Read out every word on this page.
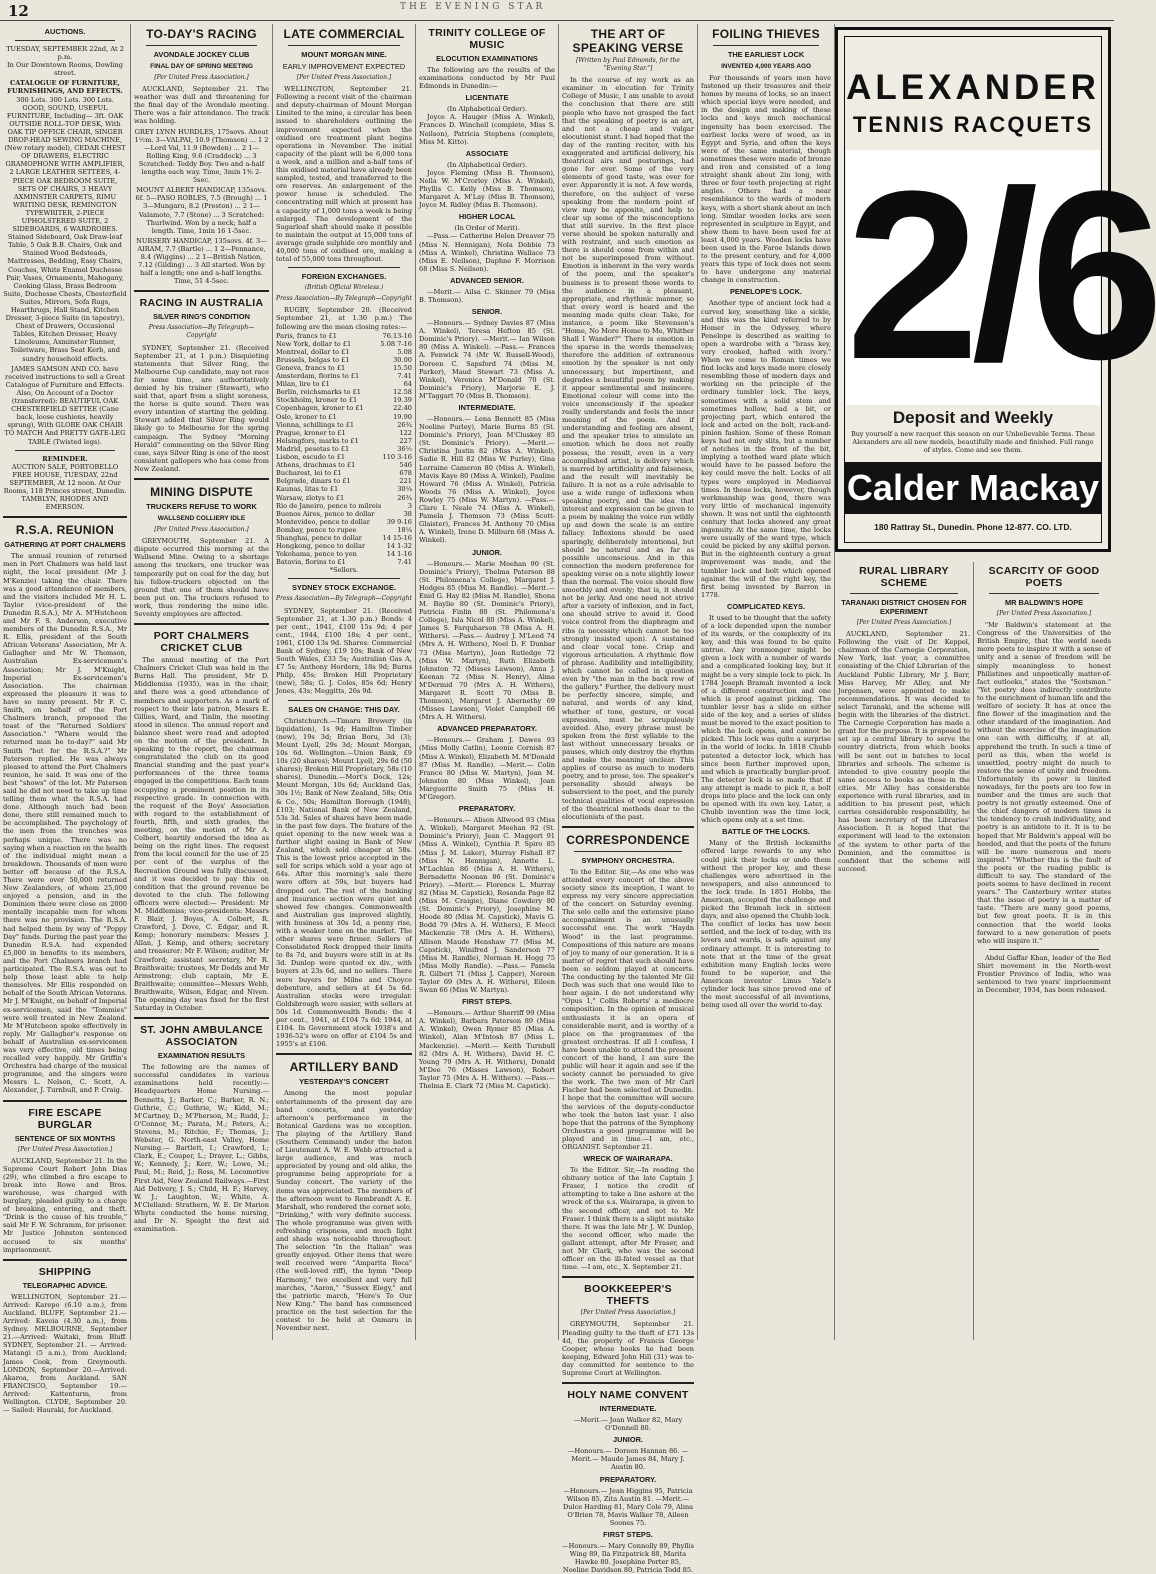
12	THE EVENING STAR
AUCTIONS.
TUESDAY, SEPTEMBER 22nd, At 2 p.m.
In Our Downtown Rooms, Dowling street.
CATALOGUE OF FURNITURE, FURNISHINGS, AND EFFECTS.
300 Lots. 300 Lots. 300 Lots.
GOOD, SOUND, USEFUL FURNITURE, Including— 3ft. OAK OUTSIDE ROLL-TOP DESK, With OAK TIP OFFICE CHAIR, SINGER DROP-HEAD SEWING MACHINE, (New rotary model), CEDAR CHEST OF DRAWERS, ELECTRIC GRAMOPHONE WITH AMPLIFIER, 2 LARGE LEATHER SETTEES, 4-PIECE OAK BEDROOM SUITE, SETS OF CHAIRS, 3 HEAVY AXMINSTER CARPETS, RIMU WRITING DESK, REMINGTON TYPEWRITER, 2-PIECE UPHOLSTERED SUITE, 2 SIDEBOARDS, 6 WARDROBES. Stained Sideboard, Oak Draw-leaf Table, 5 Oak B.B. Chairs, Oak and Stained Wood Bedsteads, Mattresses, Bedding, Easy Chairs, Couches, White Enamel Duchesse Pair, Vases, Ornaments, Mahogany, Cooking Glass, Brass Bedroom Suite, Duchesse Chests, Chesterfield Suites, Mirrors, Sofa Rugs, Hearthrugs, Hall Stand, Kitchen Dresser, 3-piece Suite (in tapestry), Chest of Drawers, Occasional Tables, Kitchen Dresser, Heavy Linoleums, Axminster Runner, Toiletware, Brass Seat Kerb, and sundry household effects.
JAMES SAMSON AND CO. have received instructions to sell a Great Catalogue of Furniture and Effects. Also, On Account of a Doctor (transferred): BEAUTIFUL OAK CHESTERFIELD SETTEE (Cane back, loose cushions, heavily sprung), With GLOBE OAK CHAIR TO MATCH And PRETTY GATE-LEG TABLE (Twisted legs).
REMINDER.
AUCTION SALE, PORTOBELLO FREE HOUSE, TUESDAY, 22nd SEPTEMBER, At 12 noon. At Our Rooms, 118 Princes street, Dunedin. TAMBLYN, RHODES AND EMERSON.
R.S.A. REUNION
GATHERING AT PORT CHALMERS
The annual reunion of returned men in Port Chalmers was held last night, the local president (Mr J. M'Kenzie) taking the chair. There was a good attendance of members, and the visitors included Mr H. L. Taylor (vice-president of the Dunedin R.S.A.), Mr A. M'Hutcheon and Mr F. S. Anderson, executive members of the Dunedin R.S.A., Mr R. Ellis, president of the South African Veterans' Association, Mr A. Gallagher and Mr W. Thomson, Australian Ex-servicemen's Association; Mr J. M'Knight, Imperial Ex-servicemen's Association. The chairman expressed the pleasure it was to have so many present. Mr F. C. Smith, on behalf of the Port Chalmers branch, proposed the toast of the "Returned Soldiers' Association." "Where would the returned man be to-day?" said Mr Smith "but for the R.S.A.?" Mr Paterson replied. He was always pleased to attend the Port Chalmers reunion, he said. It was one of the best "shows" of the lot. Mr Paterson said he did not need to take up time telling them what the R.S.A. had done. Although much had been done, there still remained much to be accomplished. The psychology of the men from the trenches was perhaps unique. There was no saying when a reaction on the health of the individual might mean a breakdown. Thousands of men were better off because of the R.S.A. There were over 50,000 returned New Zealanders, of whom 25,000 enjoyed a pension, and in the Dominion there were close on 2000 mentally incapable men for whom there was no provision. The R.S.A. had helped them by way of "Poppy Day" funds. During the past year the Dunedin R.S.A. had expended £5,000 in benefits to its members, and the Port Chalmers branch had participated. The R.S.A. was out to help those least able to help themselves. Mr Ellis responded on behalf of the South African Veterans. Mr J. M'Knight, on behalf of Imperial ex-servicemen, said the "Tommies" were well treated in New Zealand. Mr M'Hutcheon spoke effectively in reply. Mr Gallagher's response on behalf of Australian ex-servicemen was very effective, old times being recalled very happily. Mr Griffin's Orchestra had charge of the musical programme, and the singers were Messrs L. Nelson, C. Scott, A. Alexander, J. Turnbull, and P. Craig.
FIRE ESCAPE BURGLAR
SENTENCE OF SIX MONTHS
[Per United Press Association.]
AUCKLAND, September 21. In the Supreme Court Robert John Dias (29), who climbed a fire escape to break into Rowe and Bros. warehouse, was charged with burglary, pleaded guilty to a charge of breaking, entering, and theft. "Drink is the cause of his trouble," said Mr F. W. Schramm, for prisoner. Mr Justice Johnston sentenced accused to six months' imprisonment.
SHIPPING
TELEGRAPHIC ADVICE.
WELLINGTON, September 21.— Arrived: Karepo (6.10 a.m.), from Auckland. BLUFF, September 21.—Arrived: Kaveia (4.30 a.m.), from Sydney. MELBOURNE, September 21.—Arrived: Waitaki, from Bluff. SYDNEY, September 21. — Arrived: Matangi (5 a.m.), from Auckland; James Cook, from Greymouth. LONDON, September 20.—Arrived: Akaroa, from Auckland. SAN FRANCISCO, September 19.— Arrived: Kattenturm, from Wellington. CLYDE, September 20. — Sailed: Hauraki, for Auckland.
TO-DAY'S RACING
AVONDALE JOCKEY CLUB
FINAL DAY OF SPRING MEETING
[Per United Press Association.]
AUCKLAND, September 21. The weather was dull and threatening for the final day of the Avondale meeting. There was a fair attendance. The track was holding.
GREY LYNN HURDLES, 175sovs. About 1½m. 3—VALPAI, 10.9 (Thomson) ... 1 2—Lord Val, 11.9 (Bowden) ... 2 1—Rolling King, 9.6 (Craddock) ... 3 Scratched: Teddy Boy. Two and a-half lengths each way. Time, 3min 1⅘ 2-5sec.
MOUNT ALBERT HANDICAP, 135sovs. 6f. 5—PASO ROBLES, 7.5 (Brough) ... 1 3—Mungaru, 8.2 (Preston) ... 2 1—Valamoto, 7.7 (Stone) ... 3 Scratched: Thurlwind. Won by a neck; half a length. Time, 1min 16 1-5sec.
NURSERY HANDICAP, 135sovs. 4f. 3—AIRAM, 7.7 (Bartle) ... 1 2—Pennance, 8.4 (Wiggins) ... 2 1—British Nation, 7.12 (Gilding) ... 3 All started. Won by half a length; one and a-half lengths. Time, 51 4-5sec.
RACING IN AUSTRALIA
SILVER RING'S CONDITION
Press Association—By Telegraph—Copyright
SYDNEY, September 21. (Received September 21, at 1 p.m.) Disquieting statements that Silver Ring, the Melbourne Cup candidate, may not race for some time, are authoritatively denied by his trainer (Stewart), who said that, apart from a slight soreness, the horse is quite sound. There was every intention of starting the gelding. Stewart added that Silver Ring would likely go to Melbourne for the spring campaign. The Sydney "Morning Herald" commenting on the Silver Ring case, says Silver Ring is one of the most consistent gallopers who has come from New Zealand.
MINING DISPUTE
TRUCKERS REFUSE TO WORK
WALLSEND COLLIERY IDLE
[Per United Press Association.]
GREYMOUTH, September 21. A dispute occurred this morning at the Wallsend Mine. Owing to a shortage among the truckers, one trucker was temporarily put on coal for the day, but his fellow-truckers objected on the ground that one of them should have been put on. The truckers refused to work, thus rendering the mine idle. Seventy employees are affected.
PORT CHALMERS CRICKET CLUB
The annual meeting of the Port Chalmers Cricket Club was held in the Burns Hall. The president, Mr D. Middlemiss (1935), was in the chair, and there was a good attendance of members and supporters. As a mark of respect to their late patron, Messrs E. Gillies, Ward, and Tinlin, the meeting stood in silence. The annual report and balance sheet were read and adopted on the motion of the president. In speaking to the report, the chairman congratulated the club on its good financial standing and the past year's performances of the three teams engaged in the competitions. Each team occupying a prominent position in its respective grade. In connection with the request of the Boys' Association with regard to the establishment of fourth, fifth, and sixth grades, the meeting, on the motion of Mr A. Colbert, heartily endorsed the idea as being on the right lines. The request from the local council for the use of 25 per cent of the surplus of the Recreation Ground was fully discussed, and it was decided to pay this on condition that the ground revenue be devoted to the club. The following officers were elected:— President: Mr M. Middlemiss; vice-presidents: Messrs F. Blair, J. Boyes, A. Colbert, R. Crawford, J. Dove, C. Edgar, and R. Kemp; honorary members: Messrs J. Allan, J. Kemp, and others; secretary and treasurer: Mr F. Wilson; auditor, Mr Crawford; assistant secretary, Mr R. Braithwaite; trustees, Mr Dodds and Mr Armstrong; club captain, Mr E. Braithwaite; committee—Messrs Webb, Braithwaite, Wilson, Edgar, and Niven. The opening day was fixed for the first Saturday in October.
ST. JOHN AMBULANCE ASSOCIATON
EXAMINATION RESULTS
The following are the names of successful candidates in various examinations held recently:— Headquarters Home Nursing.—Bennetts, J.; Barker, C.; Barker, R. N.; Guthrie, C.; Guthrie, W.; Kidd, M.; M'Cartney, D.; M'Pherson, M.; Rudd, J.; O'Connor, M.; Parata, M.; Peters, A.; Stevens, M.; Ritchie, F.; Thomas, J.; Webster, G. North-east Valley, Home Nursing.— Bartlett, I.; Crawford, I.; Clark, E.; Couper, L.; Drayer, L.; Gibbs, W.; Kennedy, J.; Kerr, W.; Lowe, M.; Paul, M.; Reid, J.; Ross, M. Locomotive First Aid, New Zealand Railways.—First Aid Delivery, J. S.; Child, H. F.; Harvey, W. J.; Laughton, W.; White, A. M'Clelland: Strathern, W. E. Dr Marion Whyte conducted the home nursing, and Dr N. Speight the first aid examination.
LATE COMMERCIAL
MOUNT MORGAN MINE.
EARLY IMPROVEMENT EXPECTED
[Per United Press Association.]
WELLINGTON, September 21. Following a recent visit of the chairman and deputy-chairman of Mount Morgan Limited to the mine, a circular has been issued to shareholders outlining the improvement expected when the oxidised ore treatment plant begins operations in November. The initial capacity of the plant will be 6,000 tons a week, and a million and a-half tons of this oxidised material have already been sampled, tested, and transferred to the ore reserves. An enlargement of the power house is scheduled. The concentrating mill which at present has a capacity of 1,000 tons a week is being enlarged. The development of the Sugarloaf shaft should make it possible to maintain the output at 15,000 tons of average grade sulphide ore monthly and 40,000 tons of oxidised ore, making a total of 55,000 tons throughout.
FOREIGN EXCHANGES.
(British Official Wireless.)
Press Association—By Telegraph—Copyright
RUGBY, September 20. (Received September 21, at 1.30 p.m.) The following are the mean closing rates:—
Paris, francs to £1	76.13-16
New York, dollar to £1	5.08 7-16
Montreal, dollar to £1	5.08
Brussels, belgas to £1	30.00
Geneva, francs to £1	15.50
Amsterdam, florins to £1	7.41
Milan, lire to £1	64
Berlin, reichsmarks to £1	12.58
Stockholm, kroner to £1	19.39
Copenhagen, kroner to £1	22.40
Oslo, kroner to £1	19.90
Vienna, schillings to £1	26¾
Prague, kroner to £1	122
Helsingfors, marks to £1	227
Madrid, pesetas to £1	36½
Lisbon, escudo to £1	110 3-16
Athens, drachmas to £1	546
Bucharest, lei to £1	678
Belgrade, dinars to £1	221
Kaunas, litas to £1	30¼
Warsaw, zlotys to £1	26¾
Rio de Janeiro, pence to milreis	3
Buenos Aires, pence to dollar	38
Montevideo, pence to dollar	39 9-16
Bombay, pence to rupee	18¼
Shanghai, pence to dollar	14 15-16
Hongkong, pence to dollar	14 1-32
Yokohama, pence to yen	14 1-16
Batavia, florins to £1	7.41
*Sellers.
SYDNEY STOCK EXCHANGE.
Press Association—By Telegraph—Copyright
SYDNEY, September 21. (Received September 21, at 1.30 p.m.) Bonds: 4 per cent., 1941, £100 15s 9d; 4 per cent., 1944, £100 18s; 4 per cent., 1961, £100 13s 9d. Shares: Commercial Bank of Sydney, £19 10s; Bank of New South Wales, £33 5s; Australian Gas A, £7 5s; Anthony Hordern, 18s 9d; Burns Philp, 45s; Broken Hill Proprietary (new), 58s; G. J. Coles, 85s 6d; Henry Jones, 43s; Meggitts, 26s 9d.
SALES ON CHANGE: THIS DAY.
Christchurch.—Timaru Brewery (in liquidation), 1s 9d; Hamilton Timber (new), 19s 3d; Brian Boru, 3d (3); Mount Lyell, 29s 3d; Mount Morgan, 10s 6d. Wellington.—Union Bank, £9 10s (20 shares); Mount Lyell, 29s 6d (50 shares); Broken Hill Proprietary, 58s (10 shares). Dunedin.—Mort's Dock, 12s; Mount Morgan, 10s 6d; Auckland Gas, 30s 1½; Bank of New Zealand, 58s; Otis & Co., 50s; Hamilton Borough (1948), £103; National Bank of New Zealand, 53s 3d. Sales of shares have been made in the past few days. The feature of the quiet opening to the new week was a further slight easing in Bank of New Zealand, which sold cheaper at 58s. This is the lowest price accepted in the sell for scrips which sold a year ago at 64s. After this morning's sale there were offers at 59s, but buyers had dropped out. The rest of the banking and insurance section were quiet and showed few changes. Commonwealth and Australian gas improved slightly, with business at 30s 1d, a penny rise, with a weaker tone on the market. The other shares were firmer. Sellers of Consolidated Rock dropped their limits to 8s 7d, and buyers were still in at 8s 3d. Dunlop were quoted ex div., with buyers at 23s 6d, and no sellers. There were buyers for Milne and Choyce debenture, and sellers at £4 5s 6d. Australian stocks were irregular. Goldsbrough were easier, with sellers at 50s 1d. Commonwealth Bonds: the 4 per cent., 1941, at £104 7s 6d; 1944, at £104. In Government stock 1938's and 1936-52's were on offer at £104 5s and 1955's at £106.
ARTILLERY BAND
YESTERDAY'S CONCERT
Among the most popular entertainments of the present day are band concerts, and yesterday afternoon's performance in the Botanical Gardens was no exception. The playing of the Artillery Band (Southern Command) under the baton of Lieutenant A. W. E. Webb attracted a large audience, and was much appreciated by young and old alike, the programme being appropriate for a Sunday concert. The variety of the items was appreciated. The members of the afternoon went to Rembrandt A. E. Marshall, who rendered the cornet solo, "Drinking," with very definite success. The whole programme was given with refreshing crispness, and much light and shade was noticeable throughout. The selection "In the Italian" was greatly enjoyed. Other items that were well received were "Amparita Roca" (the well-loved riff), the hymn "Deep Harmony," two excellent and very full marches, "Aaron," "Sussex Elegy," and the patriotic march, "Here's To Our New King." The band has commenced practice on the test selection for the contest to be held at Oamaru in November next.
TRINITY COLLEGE OF MUSIC
ELOCUTION EXAMINATIONS
The following are the results of the examinations conducted by Mr Paul Edmonds in Dunedin:—
LICENTIATE
(In Alphabetical Order).
Joyce A. Hauger (Miss A. Winkel), Frances D. Winchell (complete, Miss S. Neilson), Patricia Stephens (complete, Miss M. Kitto).
ASSOCIATE
(In Alphabetical Order).
Joyce Fleming (Miss B. Thomson), Nella W. M'Crorley (Miss A. Winkel), Phyllis C. Kelly (Miss B. Thomson), Margaret A. M'Lay (Miss B. Thomson), Joyce M. Ridley (Miss B. Thomson).
HIGHER LOCAL
(In Order of Merit).
—Pass.— Catherine Helen Dreaver 75 (Miss N. Hennigan), Nola Dobbie 73 (Miss A. Winkel), Christina Wallace 73 (Miss E. Neilson), Daphne F. Morrison 68 (Miss S. Neilson).
ADVANCED SENIOR.
—Merit.— Ailsa C. Skinner 79 (Miss B. Thomson).
SENIOR.
—Honours.— Sydney Davies 87 (Miss A. Winkel), Teresa Hefton 85 (St. Dominic's Priory). —Merit.— Ian Wilson 80 (Miss A. Winkel). —Pass.— Frances A. Fenwick 74 (Mr W. Russell-Wood), Doreen C. Sapsford 74 (Miss M. Parker), Maud Stewart 73 (Miss A. Winkel), Veronica M'Donald 70 (St. Dominic's Priory), Marjorie E. J. M'Taggart 70 (Miss B. Thomson).
INTERMEDIATE.
—Honours.— Lena Bennett 85 (Miss Noeline Purley), Marie Burns 85 (St. Dominic's Priory), Joan M'Cluskey 85 (St. Dominic's Priory). —Merit.— Christina Justin 82 (Miss A. Winkel), Sadie R. Hill 82 (Miss W. Purley), Gina Lorraine Cameron 80 (Miss A. Winkel), Mavis Kaye 80 (Miss A. Winkel), Pauline Howard 76 (Miss A. Winkel), Patricia Woods 76 (Miss A. Winkel), Joyce Rowley 75 (Miss W. Martyn). —Pass.— Clare I. Neale 74 (Miss A. Winkel), Pamela J. Thomson 73 (Miss Scott-Glaister), Frances M. Anthony 70 (Miss A. Winkel), Irene D. Milburn 68 (Miss A. Winkel).
JUNIOR.
—Honours.— Marie Meehan 90 (St. Dominic's Priory), Thelma Paterson 88 (St. Philomena's College), Margaret J. Hodges 85 (Miss M. Randle). —Merit.— Enid G. Hay 82 (Miss M. Randle), Shona M. Baylie 80 (St. Dominic's Priory), Patricia Finlin 80 (St. Philomena's College), Isla Nicol 80 (Miss A. Winkel), James S. Farquharson 78 (Miss A. H. Withers). —Pass.— Audrey J. M'Leod 74 (Mrs A. H. Withers), Noel D. F. Dunbar 73 (Miss Martyn), Joan Rutledge 72 (Miss W. Martyn), Ruth Elizabeth Johnston 72 (Misses Lawson), Anna J. Keenan 72 (Miss N. Henry), Alma M'Dermid 70 (Mrs A. H. Withers), Margaret R. Scott 70 (Miss B. Thomson), Margaret J. Abernethy 69 (Misses Lawson), Violet Campbell 66 (Mrs A. H. Withers).
ADVANCED PREPARATORY.
—Honours.— Graham J. Dawes 93 (Miss Molly Catlin), Leonie Cornish 87 (Miss A. Winkel), Elizabeth M. M'Donald 87 (Miss M. Randle). —Merit.— Colin France 80 (Miss W. Martyn), Joan M. Johnston 80 (Miss Winkel), Joan Marguerite Smith 75 (Miss H. M'Gregor).
PREPARATORY.
—Honours.— Alison Allwood 93 (Miss A. Winkel), Margaret Meehan 92 (St. Dominic's Priory), Jean C. Maggert 91 (Miss A. Winkel), Cynthia P. Spiro 85 (Miss J. M. Laker), Murray Fishall 87 (Miss N. Hennigan), Annette L. M'Lachlan 86 (Miss A. H. Withers), Bernadette Noonan 86 (St. Dominic's Priory). —Merit.— Florence L. Murray 82 (Miss M. Capstick), Rosanda Page 82 (Miss M. Craigie), Diane Cowdery 80 (St. Dominic's Priory), Josephine M. Hoode 80 (Miss M. Capstick), Mavis G. Bodd 79 (Mrs A. H. Withers), F. Mecci Mackenzie 78 (Mrs A. H. Withers), Allison Maude Henshaw 77 (Miss M. Capstick), Winifred J. Sanderson 77 (Miss M. Randle), Norman H. Hogg 75 (Miss Molly Randle). —Pass.— Pamela R. Gilbert 71 (Miss J. Capper), Noreen Taylor 69 (Mrs A. H. Withers), Eileen Swan 66 (Miss W. Martyn).
FIRST STEPS.
—Honours.— Arthur Sherriff 99 (Miss A. Winkel), Barbara Paterson 89 (Miss A. Winkel), Owen Rymer 85 (Miss A. Winkel), Alan M'Intosh 87 (Miss L. Mackenzie). —Merit.— Keith Turnbull 82 (Mrs A. H. Withers), David H. C. Young 79 (Mrs A. H. Withers), Donald M'Dee 76 (Misses Lawson), Robert Taylor 75 (Mrs A. H. Withers). —Pass.— Thelma E. Clark 72 (Miss M. Capstick).
THE ART OF SPEAKING VERSE
[Written by Paul Edmonds, for the "Evening Star."]
In the course of my work as an examiner in elocution for Trinity College of Music, I am unable to avoid the conclusion that there are still people who have not grasped the fact that the speaking of poetry is an art, and not a cheap and vulgar elocutionist stunt. I had hoped that the day of the ranting reciter, with his exaggerated and artificial delivery, his theatrical airs and posturings, had gone for ever. Some of the very elements of good taste, was over for ever. Apparently it is not. A few words, therefore, on the subject of verse speaking from the modern point of view may be apposite, and help to clear up some of the misconceptions that still survive. In the first place verse should be spoken naturally and with restraint, and such emotion as there is should come from within and not be superimposed from without. Emotion is inherent in the very words of the poem, and the speaker's business is to present those words to the audience in a pleasant, appropriate, and rhythmic manner, so that every word is heard and the meaning made quite clear. Take, for instance, a poem like Stevenson's "Home, No More Home to Me, Whither Shall I Wander?" There is emotion in the sparse in the words themselves; therefore the addition of extraneous emotion by the speaker is not only unnecessary, but impertinent, and degrades a beautiful poem by making it appear sentimental and insincere. Emotional colour will come into the voice unconsciously if the speaker really understands and feels the inner meaning of the poem. And if understanding and feeling are absent, and the speaker tries to simulate an emotion which he does not really possess, the result, even in a very accomplished artist, is delivery which is marred by artificiality and falseness, and the result will inevitably be failure. It is not as a rule advisable to use a wide range of inflexions when speaking poetry, and the idea that interest and expression can be given to a poem by making the voice run wildly up and down the scale is an entire fallacy. Inflexions should be used sparingly, deliberately intentional, but should be natural and as far as possible unconscious. And in this connection the modern preference for speaking verse on a note slightly lower than the normal. The voice should flow smoothly and evenly; that is, it should not be jerky. And one need not strive after a variety of inflexion, and in fact, one should strive to avoid it. Good voice control from the diaphragm and ribs (a necessity which cannot be too strongly insisted upon). A sustained and clear vocal tone. Crisp and vigorous articulation. A rhythmic flow of phrase. Audibility and intelligibility, which cannot be called in question even by "the man in the back row of the gallery." Further, the delivery must be perfectly sincere, simple, and natural, and words of any kind, whether of tone, gesture, or vocal expression, must be scrupulously avoided. Also, every phrase must be spoken from the first syllable to the last without unnecessary breaks or pauses, which only destroy the rhythm and make the meaning unclear. This applies of course as much to modern poetry, and to prose, too. The speaker's personality should always be subservient to the poet, and the purely technical qualities of vocal expression of the theatrical methods dear to the elocutionists of the past.
CORRESPONDENCE
SYMPHONY ORCHESTRA.
To the Editor. Sir,—As one who was attended every concert of the above society since its inception, I want to express my very sincere appreciation of the concert on Saturday evening. The solo cello and the extensive piano accompaniment is an unusually successful one. The work "Haydn Wood" in the last programme. Compositions of this nature are means of joy to many of our generation. It is a matter of regret that such should have been so seldom played at concerts. The conducting by the talented Mr Gil Dech was such that one would like to hear again. I do not understand why "Opus 1," Collis Roberts' a mediocre composition. In the opinion of musical enthusiasts it is an opera of considerable merit, and is worthy of a place on the programmes of the greatest orchestras. If all I confess, I have been unable to attend the present concert of the band, I am sure the public will hear it again and see if the society cannot be persuaded to give the work. The two men of Mr Carl Fischer had been selected at Dunedin. I hope that the committee will secure the services of the deputy-conductor who took the baton last year. I also hope that the patrons of the Symphony Orchestra a good programme will be played and in time.—I am, etc., ORGANIST. September 21.
WRECK OF WAIRARAPA.
To the Editor. Sir,—In reading the obituary notice of the late Captain J. Fraser, I notice the credit of attempting to take a line ashore at the wreck of the s.s. Wairarapa, is given to the second officer, and not to Mr Fraser. I think there is a slight mistake there. It was the late Mr J. W. Dunlop, the second officer, who made the gallant attempt, after Mr Fraser, and not Mr Clark, who was the second officer on the ill-fated vessel as that time. —I am, etc., X. September 21.
BOOKKEEPER'S THEFTS
[Per United Press Association.]
GREYMOUTH, September 21. Pleading guilty to the theft of £71 13s 4d, the property of Francis George Cooper, whose books he had been keeping, Edward John Hill (31) was to-day committed for sentence to the Supreme Court at Wellington.
HOLY NAME CONVENT
INTERMEDIATE.
—Merit.— Joan Walker 82, Mary O'Donnell 80.
JUNIOR.
—Honours.— Doreen Hannan 86. —Merit.— Maude James 84, Mary J. Austin 80.
PREPARATORY.
—Honours.— Jean Higgins 95, Patricia Wilson 85, Zita Austin 81. —Merit.— Dulce Harding 81, Mary Cole 79, Alma O'Brien 78, Mavis Walker 78, Aileen Soones 75.
FIRST STEPS.
—Honours.— Mary Connolly 89, Phyllis Wing 89, Ila Fitzpatrick 88, Marita Hawke 80. Josephine Porter 85, Noeline Davidson 80, Patricia Todd 85.
FOILING THIEVES
THE EARLIEST LOCK
INVENTED 4,000 YEARS AGO
For thousands of years men have fastened up their treasures and their homes by means of locks, so an insect which special keys were needed, and in the design and making of these locks and keys much mechanical ingenuity has been exercised. The earliest locks were of wood, as in Egypt and Syria, and often the keys were of the same material, though sometimes these were made of bronze and iron and consisted of a long straight shank about 2in long, with three or four teeth projecting at right angles. Others had a near resemblance to the wards of modern keys, with a short shank about an inch long. Similar wooden locks are seen represented in sculpture in Egypt, and show them to have been used for at least 4,000 years. Wooden locks have been used in the Faroe Islands down to the present century, and for 4,000 years this type of lock does not seem to have undergone any material change in construction.
PENELOPE'S LOCK.
Another type of ancient lock had a curved key, something like a sickle, and this was the kind referred to by Homer in the Odyssey, where Penelope is described as waiting to open a wardrobe with a "brass key, very crooked, hafted with ivory." When we come to Roman times we find locks and keys made more closely resembling those of modern days and working on the principle of the ordinary tumbler lock. The keys, sometimes with a solid stem and sometimes hollow, had a bit, or projecting part, which entered the lock and acted on the bolt, rack-and-pinion fashion. Some of these Roman keys had not only slits, but a number of notches in the front of the bit, implying a toothed ward plate which would have to be passed before the key could move the bolt. Locks of all types were employed in Mediaeval times. In these locks, however, though workmanship was good, there was very little of mechanical ingenuity shown. It was not until the eighteenth century that locks showed any great ingenuity. At the same time, the locks were usually of the ward type, which could be picked by any skilful person. But in the eighteenth century a great improvement was made, and the tumbler lock and bolt which opened against the will of the right key, the first being invented by Barron in 1778.
COMPLICATED KEYS.
It used to be thought that the safety of a lock depended upon the number of its wards, or the complexity of its key, and this was found to be quite untrue. Any ironmonger might be given a lock with a number of wards and a complicated looking key, but it might be a very simple lock to pick. In 1784 Joseph Bramah invented a lock of a different construction and one which is proof against picking. The tumbler lever has a slide on either side of the key, and a series of slides must be moved to the exact position to which the lock opens, and cannot be picked. This lock was quite a surprise in the world of locks. In 1818 Chubb patented a detector lock, which has since been further improved upon, and which is practically burglar-proof. The detector lock is so made that if any attempt is made to pick it, a bolt drops into place and the lock can only be opened with its own key. Later, a Chubb invention was the time lock, which opens only at a set time.
BATTLE OF THE LOCKS.
Many of the British locksmiths offered large rewards to any who could pick their locks or undo them without the proper key, and these challenges were advertised in the newspapers, and also announced to the lock trade. In 1851 Hobbs, the American, accepted the challenge and picked the Bramah lock in sixteen days, and also opened the Chubb lock. The conflict of locks has now been settled, and the lock of to-day, with its levers and wards, is safe against any ordinary attempt. It is interesting to note that at the time of the great exhibition many English locks were found to be superior, and the American inventor Linus Yale's cylinder lock has since proved one of the most successful of all inventions, being used all over the world to-day.
ALEXANDER
TENNIS RACQUETS
2/6
Deposit and Weekly
Buy yourself a new racquet this season on our Unbelievable Terms. These Alexanders are all new models, beautifully made and finished. Full range of styles. Come and see them.
Calder Mackay
180 Rattray St., Dunedin. Phone 12-877. CO. LTD.
RURAL LIBRARY SCHEME
TARANAKI DISTRICT CHOSEN FOR EXPERIMENT
[Per United Press Association.]
AUCKLAND, September 21. Following the visit of Dr. Keppel, chairman of the Carnegie Corporation, New York, last year, a committee consisting of the Chief Librarian of the Auckland Public Library, Mr J. Barr, Miss Harvey, Mr Alley, and Mr Jorgensen, were appointed to make recommendations. It was decided to select Taranaki, and the scheme will begin with the libraries of the district. The Carnegie Corporation has made a grant for the purpose. It is proposed to set up a central library to serve the country districts, from which books will be sent out in batches to local libraries and schools. The scheme is intended to give country people the same access to books as those in the cities. Mr Alley has considerable experience with rural libraries, and in addition to his present post, which carries considerable responsibility, he has been secretary of the Libraries' Association. It is hoped that the experiment will lead to the extension of the system to other parts of the Dominion, and the committee is confident that the scheme will succeed.
SCARCITY OF GOOD POETS
MR BALDWIN'S HOPE
[Per United Press Association.]
"Mr Baldwin's statement at the Congress of the Universities of the British Empire, that the world needs more poets to inspire it with a sense of unity and a sense of freedom will be simply meaningless to honest Philistines and unpoetically matter-of-fact outlooks," states the "Scotsman." "Yet poetry does indirectly contribute to the enrichment of human life and the welfare of society. It has at once the fine flower of the imagination and the other standard of the imagination. And without the exercise of the imagination one can with difficulty, if at all, apprehend the truth. In such a time of peril as this, when the world is unsettled, poetry might do much to restore the sense of unity and freedom. Unfortunately its power is limited nowadays, for the poets are too few in number and the times are such that poetry is not greatly esteemed. One of the chief dangers of modern times is the tendency to crush individuality, and poetry is an antidote to it. It is to be hoped that Mr Baldwin's appeal will be heeded, and that the poets of the future will be more numerous and more inspired." "Whether this is the fault of the poets or the reading public is difficult to say. The standard of the poets seems to have declined in recent years." The Canterbury writer states that the issue of poetry is a matter of taste. "There are many good poems, but few great poets. It is in this connection that the world looks forward to a new generation of poets who will inspire it."
Abdul Gaffar Khan, leader of the Red Shirt movement in the North-west Frontier Province of India, who was sentenced to two years' imprisonment in December, 1934, has been released.
